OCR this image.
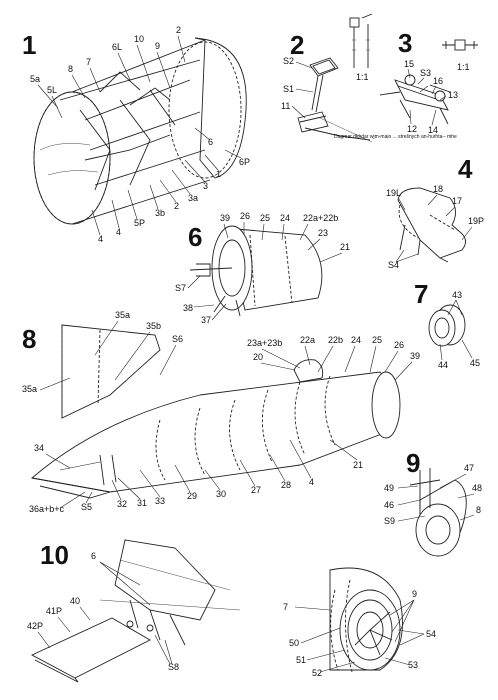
1	2
9
10
6L
8
7
5a
5L
6
1
6P
3a
3
2
3b
5P
4
4
2
Dagmar dkhdar wjm-maio ... strešnych an-hurhta-- mhe
S2
S1
11
1:1
3
15
S3
16
13
12 14
1:1
4
19L	18
17
19P
S4
6
39 26 25 24 22a+22b
23
21
S7
38
37
7	43
44 45
8
35a
35b
S6
35a
23a+23b 22a 22b 24 25 26
39
20
34
21
4
28
27
30
29
33
31
32
36a+b+c S5
9	47
48
49
46
S9
8
10 6
42P
41P
40
S8
7
9
50
54
51
52
53
